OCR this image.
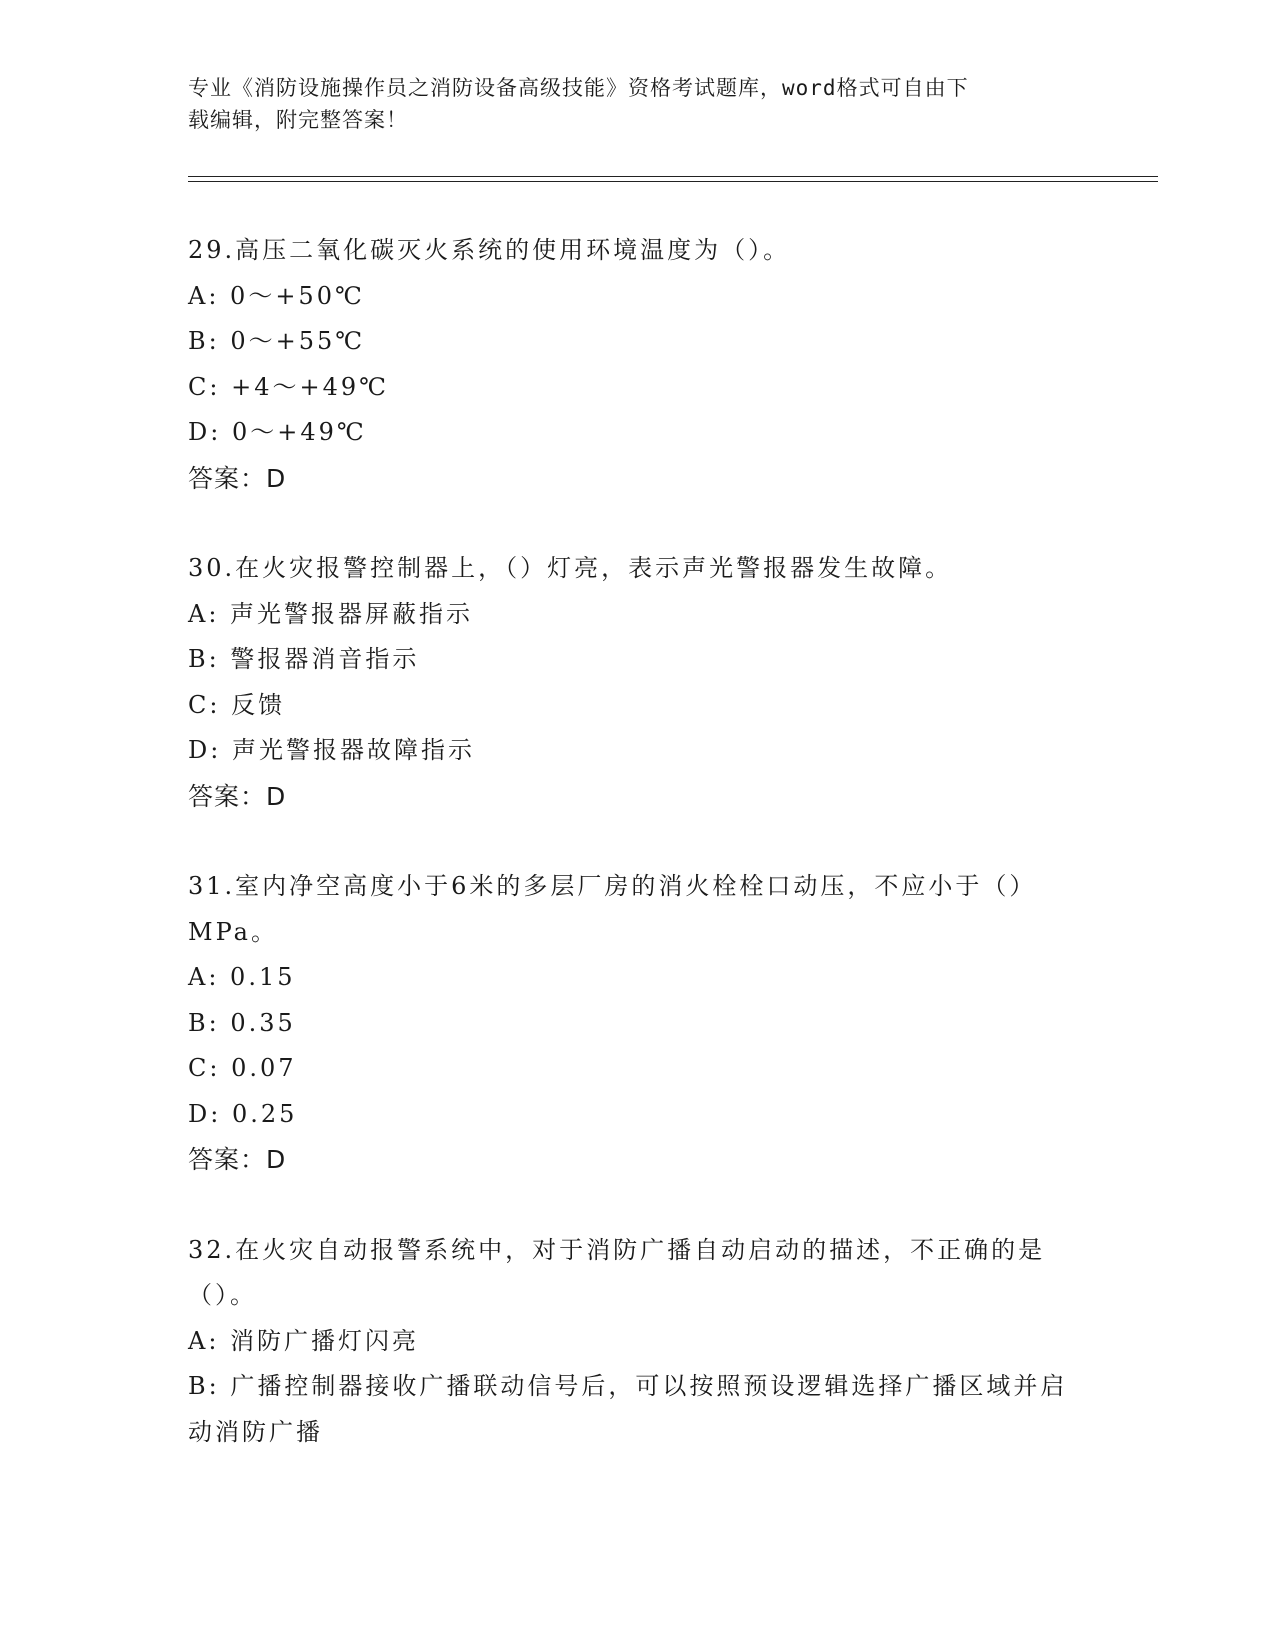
专业《消防设施操作员之消防设备高级技能》资格考试题库，word格式可自由下
载编辑，附完整答案！

29.高压二氧化碳灭火系统的使用环境温度为（）。

A: 0～+50℃

B: 0～+55℃

C: +4～+49℃

D: 0～+49℃

答案：D

30.在火灾报警控制器上，（）灯亮，表示声光警报器发生故障。

A: 声光警报器屏蔽指示

B: 警报器消音指示

C: 反馈

D: 声光警报器故障指示

答案：D

31.室内净空高度小于6米的多层厂房的消火栓栓口动压，不应小于（）MPa。

A: 0.15

B: 0.35

C: 0.07

D: 0.25

答案：D

32.在火灾自动报警系统中，对于消防广播自动启动的描述，不正确的是（）。

A: 消防广播灯闪亮

B: 广播控制器接收广播联动信号后，可以按照预设逻辑选择广播区域并启动消防广播
